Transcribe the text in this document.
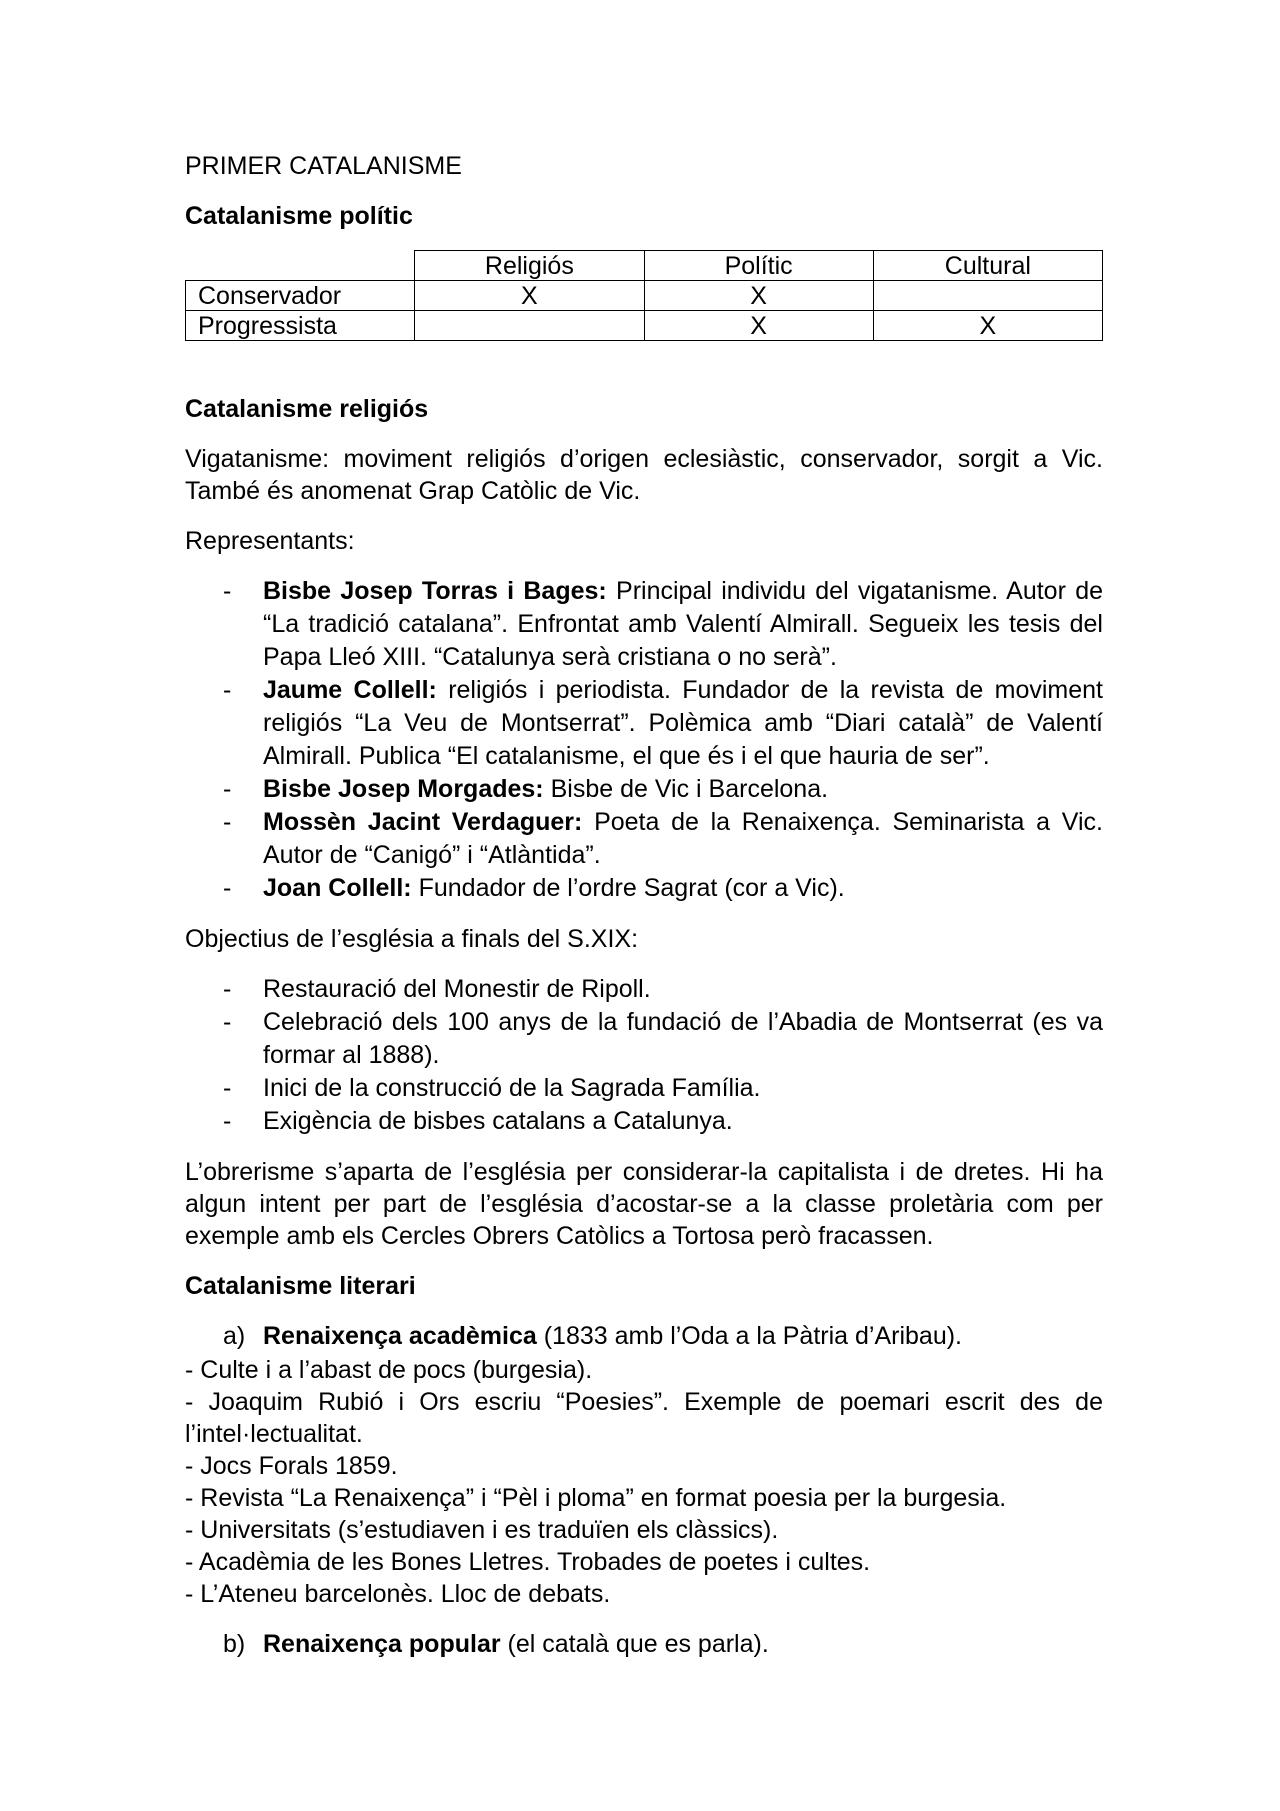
PRIMER CATALANISME

Catalanisme polític

	Religiós	Polític	Cultural
Conservador	X	X	
Progressista		X	X

Catalanisme religiós

Vigatanisme: moviment religiós d’origen eclesiàstic, conservador, sorgit a Vic. També és anomenat Grap Catòlic de Vic.

Representants:

- Bisbe Josep Torras i Bages: Principal individu del vigatanisme. Autor de “La tradició catalana”. Enfrontat amb Valentí Almirall. Segueix les tesis del Papa Lleó XIII. “Catalunya serà cristiana o no serà”.
- Jaume Collell: religiós i periodista. Fundador de la revista de moviment religiós “La Veu de Montserrat”. Polèmica amb “Diari català” de Valentí Almirall. Publica “El catalanisme, el que és i el que hauria de ser”.
- Bisbe Josep Morgades: Bisbe de Vic i Barcelona.
- Mossèn Jacint Verdaguer: Poeta de la Renaixença. Seminarista a Vic. Autor de “Canigó” i “Atlàntida”.
- Joan Collell: Fundador de l’ordre Sagrat (cor a Vic).

Objectius de l’església a finals del S.XIX:

- Restauració del Monestir de Ripoll.
- Celebració dels 100 anys de la fundació de l’Abadia de Montserrat (es va formar al 1888).
- Inici de la construcció de la Sagrada Família.
- Exigència de bisbes catalans a Catalunya.

L’obrerisme s’aparta de l’església per considerar-la capitalista i de dretes. Hi ha algun intent per part de l’església d’acostar-se a la classe proletària com per exemple amb els Cercles Obrers Catòlics a Tortosa però fracassen.

Catalanisme literari

a) Renaixença acadèmica (1833 amb l’Oda a la Pàtria d’Aribau).

- Culte i a l’abast de pocs (burgesia).

- Joaquim Rubió i Ors escriu “Poesies”. Exemple de poemari escrit des de l’intel·lectualitat.

- Jocs Forals 1859.

- Revista “La Renaixença” i “Pèl i ploma” en format poesia per la burgesia.

- Universitats (s’estudiaven i es traduïen els clàssics).

- Acadèmia de les Bones Lletres. Trobades de poetes i cultes.

- L’Ateneu barcelonès. Lloc de debats.

b) Renaixença popular (el català que es parla).
